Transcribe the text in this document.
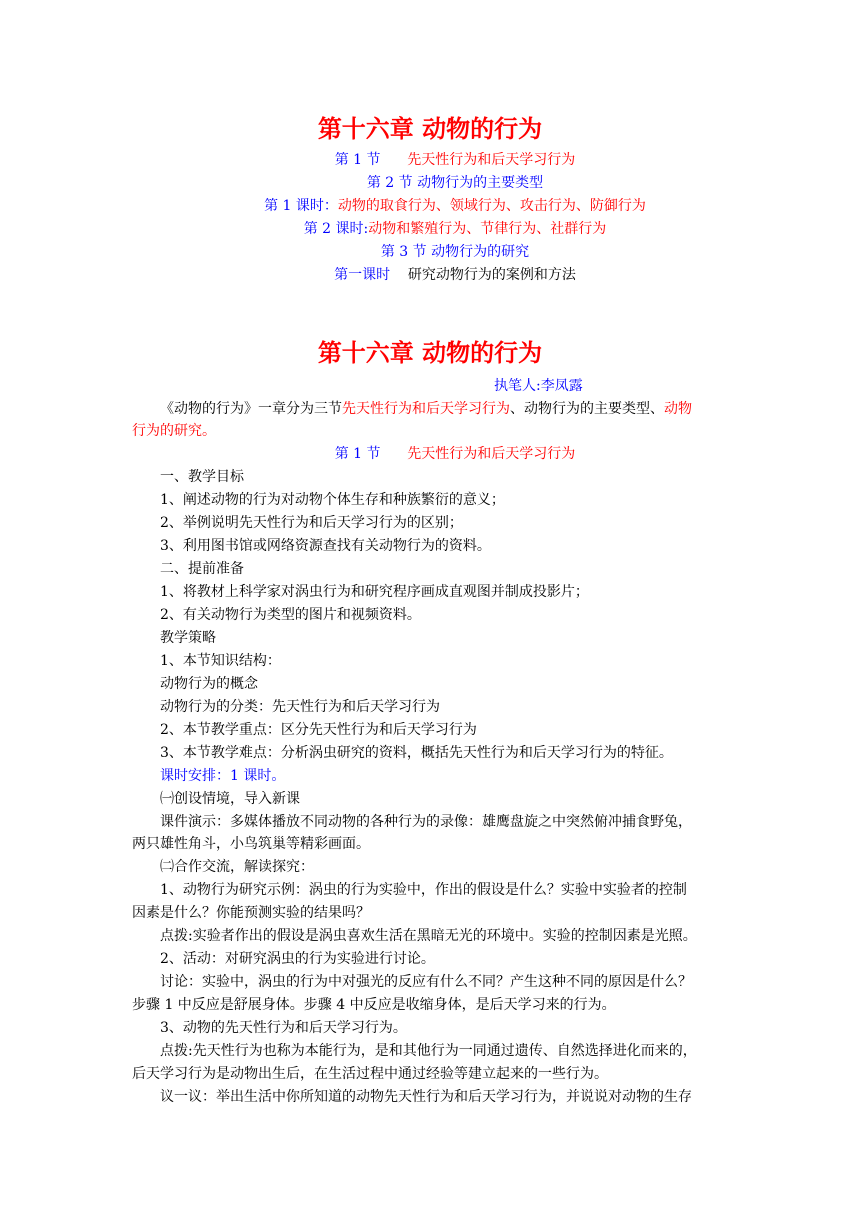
第十六章 动物的行为
第 1 节 先天性行为和后天学习行为
第 2 节 动物行为的主要类型
第 1 课时：动物的取食行为、领域行为、攻击行为、防御行为
第 2 课时:动物和繁殖行为、节律行为、社群行为
第 3 节 动物行为的研究
第一课时 研究动物行为的案例和方法
第十六章 动物的行为
执笔人:李凤露
《动物的行为》一章分为三节先天性行为和后天学习行为、动物行为的主要类型、动物
行为的研究。
第 1 节 先天性行为和后天学习行为
一、教学目标
1、阐述动物的行为对动物个体生存和种族繁衍的意义；
2、举例说明先天性行为和后天学习行为的区别；
3、利用图书馆或网络资源查找有关动物行为的资料。
二、提前准备
1、将教材上科学家对涡虫行为和研究程序画成直观图并制成投影片；
2、有关动物行为类型的图片和视频资料。
教学策略
1、本节知识结构：
动物行为的概念
动物行为的分类：先天性行为和后天学习行为
2、本节教学重点：区分先天性行为和后天学习行为
3、本节教学难点：分析涡虫研究的资料，概括先天性行为和后天学习行为的特征。
课时安排：1 课时。
㈠创设情境，导入新课
课件演示：多媒体播放不同动物的各种行为的录像：雄鹰盘旋之中突然俯冲捕食野兔，
两只雄性角斗，小鸟筑巢等精彩画面。
㈡合作交流，解读探究：
1、动物行为研究示例：涡虫的行为实验中，作出的假设是什么？实验中实验者的控制
因素是什么？你能预测实验的结果吗？
点拨:实验者作出的假设是涡虫喜欢生活在黑暗无光的环境中。实验的控制因素是光照。
2、活动：对研究涡虫的行为实验进行讨论。
讨论：实验中，涡虫的行为中对强光的反应有什么不同？产生这种不同的原因是什么？
步骤 1 中反应是舒展身体。步骤 4 中反应是收缩身体，是后天学习来的行为。
3、动物的先天性行为和后天学习行为。
点拨:先天性行为也称为本能行为，是和其他行为一同通过遗传、自然选择进化而来的，
后天学习行为是动物出生后，在生活过程中通过经验等建立起来的一些行为。
议一议：举出生活中你所知道的动物先天性行为和后天学习行为，并说说对动物的生存
